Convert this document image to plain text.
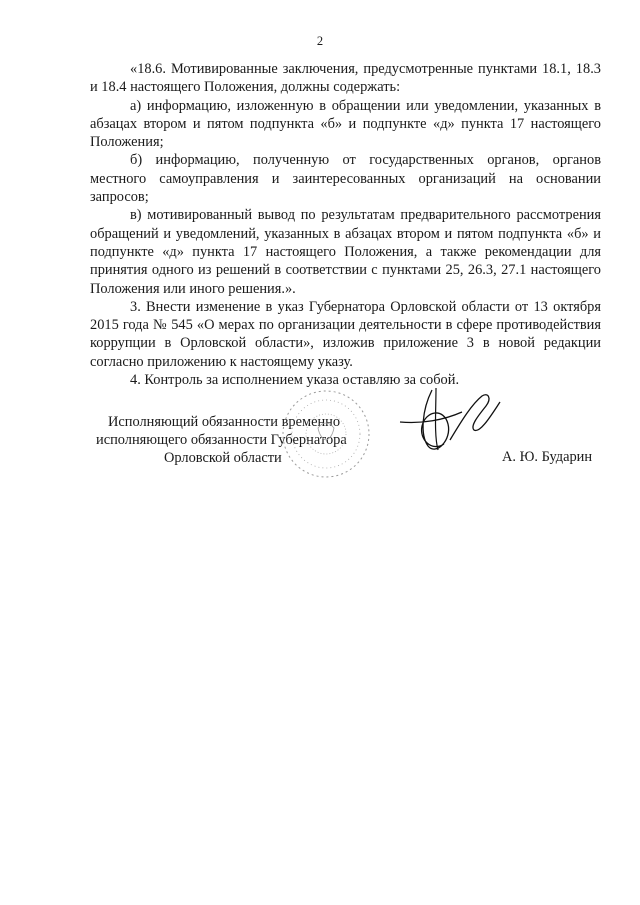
2

«18.6. Мотивированные заключения, предусмотренные пунктами 18.1, 18.3 и 18.4 настоящего Положения, должны содержать:

а) информацию, изложенную в обращении или уведомлении, указанных в абзацах втором и пятом подпункта «б» и подпункте «д» пункта 17 настоящего Положения;

б) информацию, полученную от государственных органов, органов местного самоуправления и заинтересованных организаций на основании запросов;

в) мотивированный вывод по результатам предварительного рассмотрения обращений и уведомлений, указанных в абзацах втором и пятом подпункта «б» и подпункте «д» пункта 17 настоящего Положения, а также рекомендации для принятия одного из решений в соответствии с пунктами 25, 26.3, 27.1 настоящего Положения или иного решения.».

3. Внести изменение в указ Губернатора Орловской области от 13 октября 2015 года № 545 «О мерах по организации деятельности в сфере противодействия коррупции в Орловской области», изложив приложение 3 в новой редакции согласно приложению к настоящему указу.

4. Контроль за исполнением указа оставляю за собой.

Исполняющий обязанности временно
исполняющего обязанности Губернатора
Орловской области	А. Ю. Бударин
